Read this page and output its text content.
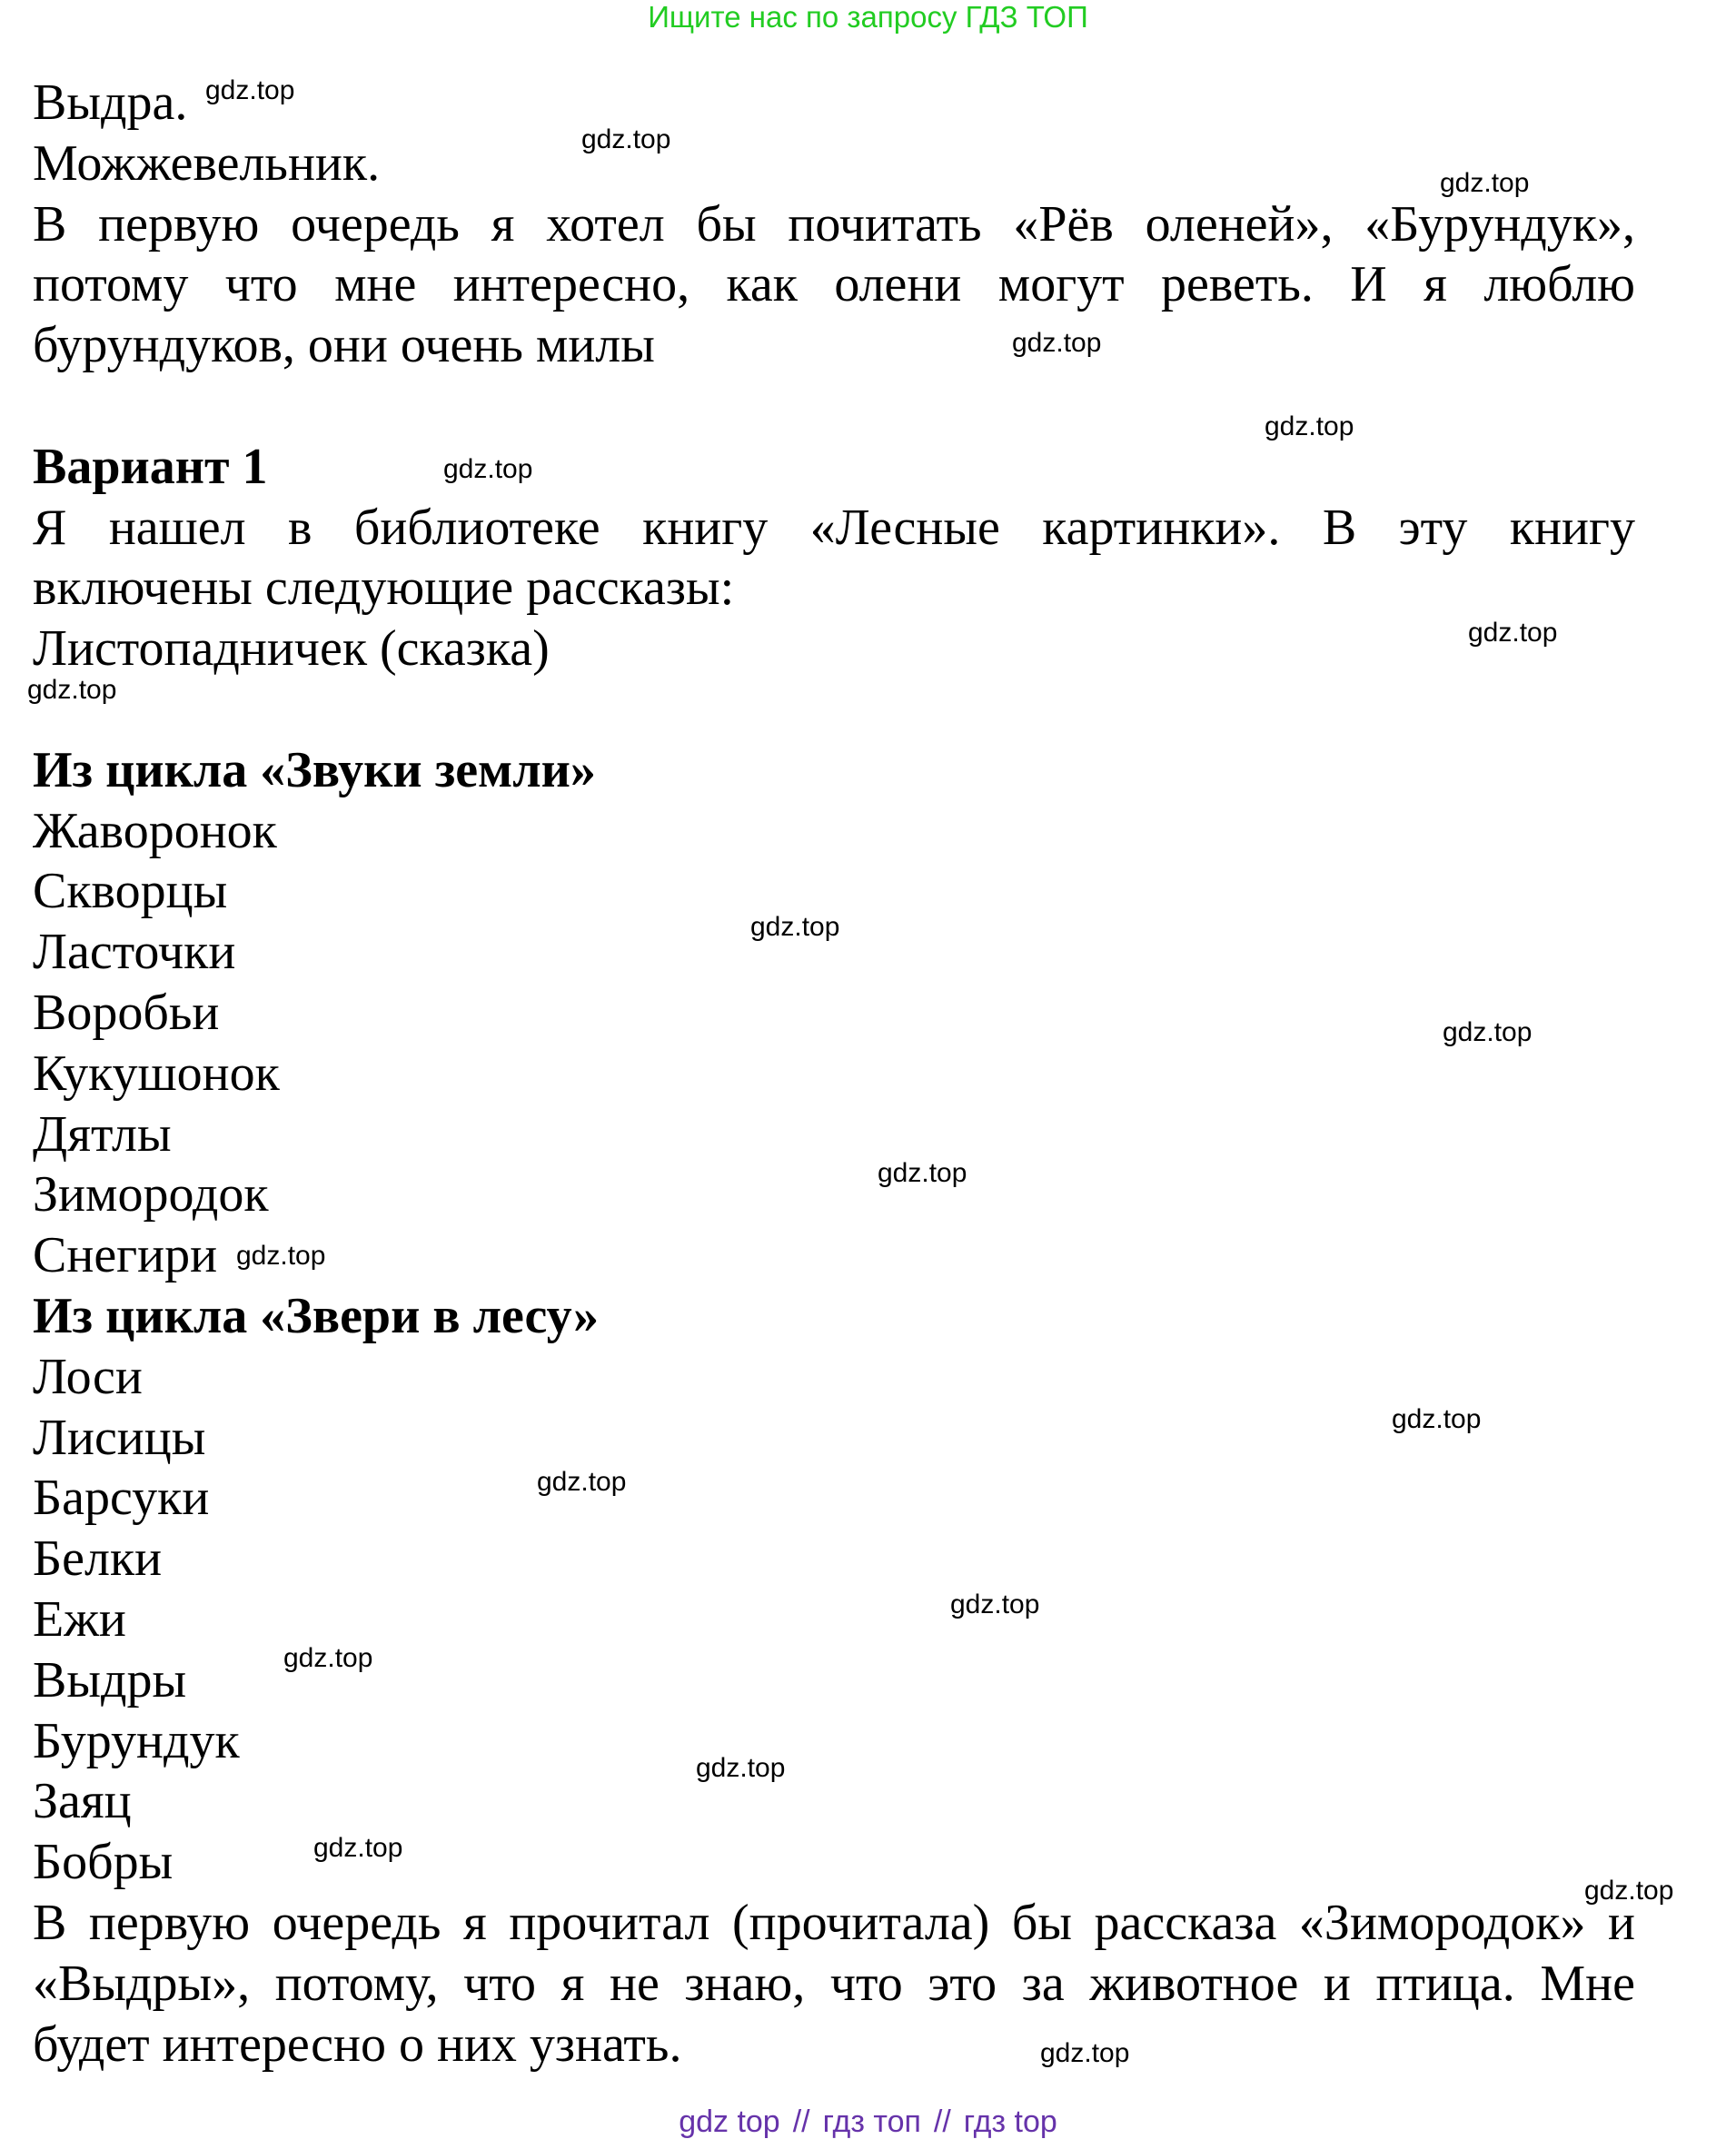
Ищите нас по запросу ГДЗ ТОП
Выдра.
Можжевельник.
В первую очередь я хотел бы почитать «Рёв оленей», «Бурундук»,
потому что мне интересно, как олени могут реветь. И я люблю
бурундуков, они очень милы
Вариант 1
Я нашел в библиотеке книгу «Лесные картинки». В эту книгу
включены следующие рассказы:
Листопадничек (сказка)
Из цикла «Звуки земли»
Жаворонок
Скворцы
Ласточки
Воробьи
Кукушонок
Дятлы
Зимородок
Снегири
Из цикла «Звери в лесу»
Лоси
Лисицы
Барсуки
Белки
Ежи
Выдры
Бурундук
Заяц
Бобры
В первую очередь я прочитал (прочитала) бы рассказа «Зимородок» и
«Выдры», потому, что я не знаю, что это за животное и птица. Мне
будет интересно о них узнать.
gdz.top
gdz.top
gdz.top
gdz.top
gdz.top
gdz.top
gdz.top
gdz.top
gdz.top
gdz.top
gdz.top
gdz.top
gdz.top
gdz.top
gdz.top
gdz.top
gdz.top
gdz.top
gdz.top
gdz.top
gdz top // гдз топ // гдз top
